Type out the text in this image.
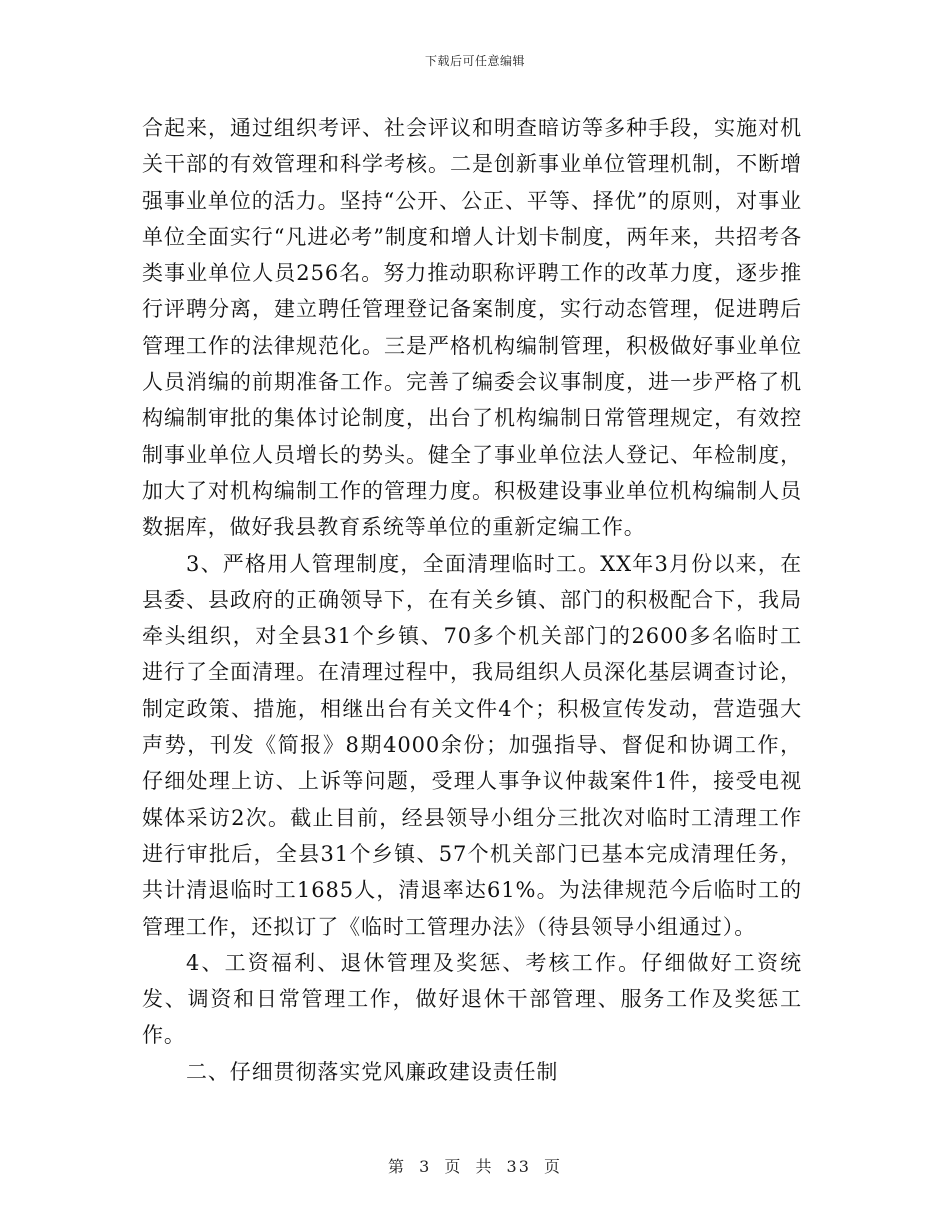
下载后可任意编辑

合起来，通过组织考评、社会评议和明查暗访等多种手段，实施对机关干部的有效管理和科学考核。二是创新事业单位管理机制，不断增强事业单位的活力。坚持“公开、公正、平等、择优”的原则，对事业单位全面实行“凡进必考”制度和增人计划卡制度，两年来，共招考各类事业单位人员256名。努力推动职称评聘工作的改革力度，逐步推行评聘分离，建立聘任管理登记备案制度，实行动态管理，促进聘后管理工作的法律规范化。三是严格机构编制管理，积极做好事业单位人员消编的前期准备工作。完善了编委会议事制度，进一步严格了机构编制审批的集体讨论制度，出台了机构编制日常管理规定，有效控制事业单位人员增长的势头。健全了事业单位法人登记、年检制度，加大了对机构编制工作的管理力度。积极建设事业单位机构编制人员数据库，做好我县教育系统等单位的重新定编工作。

3、严格用人管理制度，全面清理临时工。XX年3月份以来，在县委、县政府的正确领导下，在有关乡镇、部门的积极配合下，我局牵头组织，对全县31个乡镇、70多个机关部门的2600多名临时工进行了全面清理。在清理过程中，我局组织人员深化基层调查讨论，制定政策、措施，相继出台有关文件4个；积极宣传发动，营造强大声势，刊发《简报》8期4000余份；加强指导、督促和协调工作，仔细处理上访、上诉等问题，受理人事争议仲裁案件1件，接受电视媒体采访2次。截止目前，经县领导小组分三批次对临时工清理工作进行审批后，全县31个乡镇、57个机关部门已基本完成清理任务，共计清退临时工1685人，清退率达61%。为法律规范今后临时工的管理工作，还拟订了《临时工管理办法》（待县领导小组通过）。

4、工资福利、退休管理及奖惩、考核工作。仔细做好工资统发、调资和日常管理工作，做好退休干部管理、服务工作及奖惩工作。

二、仔细贯彻落实党风廉政建设责任制

第 3 页 共 33 页
